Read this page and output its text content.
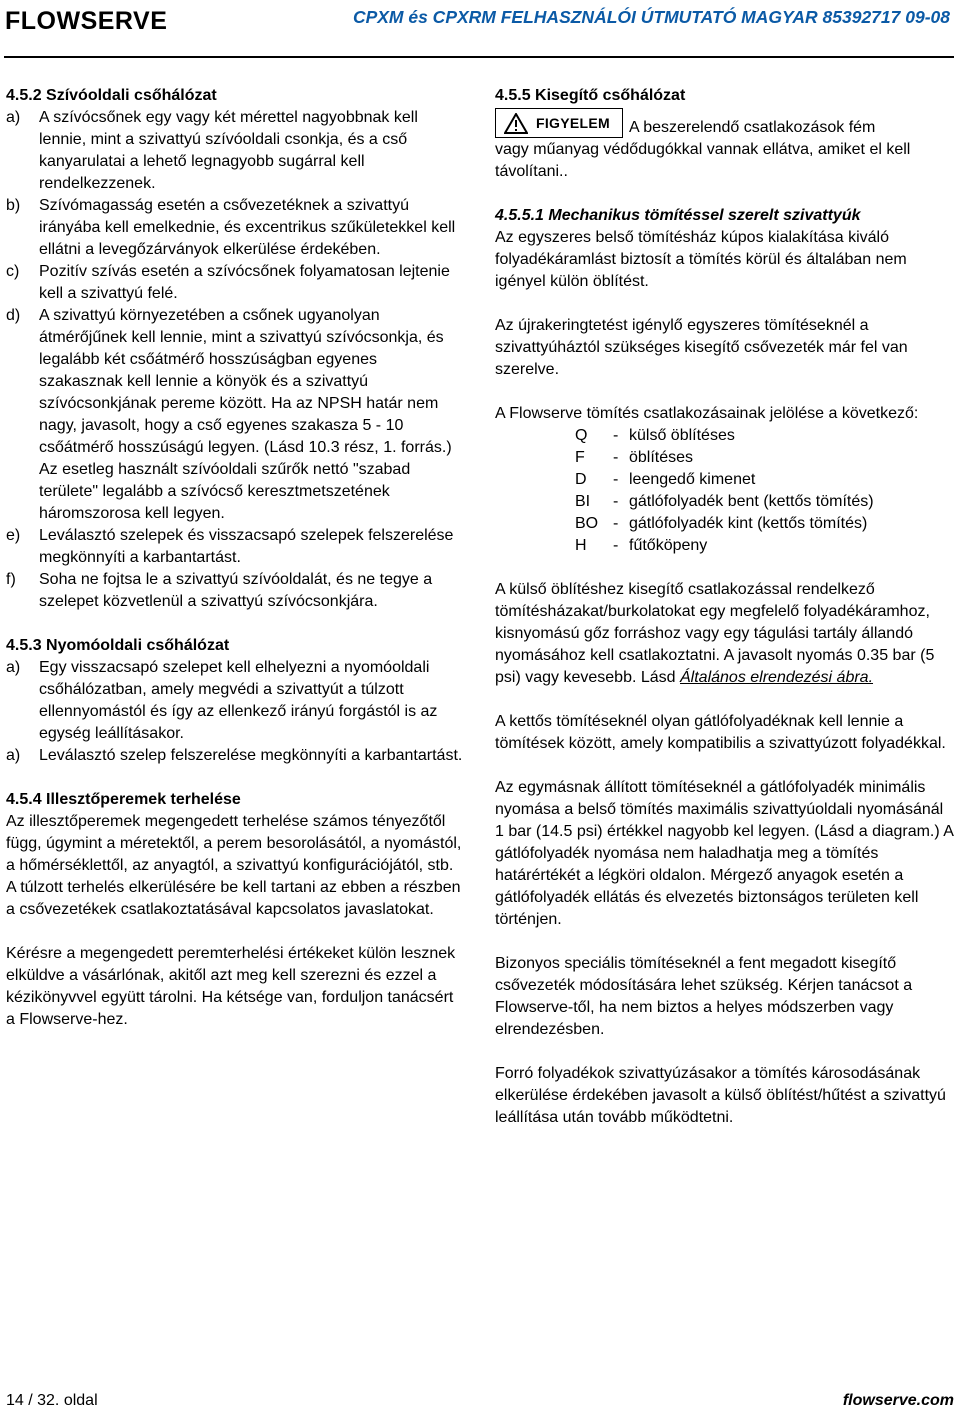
FLOWSERVE	CPXM és CPXRM FELHASZNÁLÓI ÚTMUTATÓ MAGYAR 85392717 09-08

4.5.2 Szívóoldali csőhálózat

a)	A szívócsőnek egy vagy két mérettel nagyobbnak kell lennie, mint a szivattyú szívóoldali csonkja, és a cső kanyarulatai a lehető legnagyobb sugárral kell rendelkezzenek.
b)	Szívómagasság esetén a csővezetéknek a szivattyú irányába kell emelkednie, és excentrikus szűkületekkel kell ellátni a levegőzárványok elkerülése érdekében.
c)	Pozitív szívás esetén a szívócsőnek folyamatosan lejtenie kell a szivattyú felé.
d)	A szivattyú környezetében a csőnek ugyanolyan átmérőjűnek kell lennie, mint a szivattyú szívócsonkja, és legalább két csőátmérő hosszúságban egyenes szakasznak kell lennie a könyök és a szivattyú szívócsonkjának pereme között. Ha az NPSH határ nem nagy, javasolt, hogy a cső egyenes szakasza 5 - 10 csőátmérő hosszúságú legyen. (Lásd 10.3 rész, 1. forrás.) Az esetleg használt szívóoldali szűrők nettó "szabad területe" legalább a szívócső keresztmetszetének háromszorosa kell legyen.
e)	Leválasztó szelepek és visszacsapó szelepek felszerelése megkönnyíti a karbantartást.
f)	Soha ne fojtsa le a szivattyú szívóoldalát, és ne tegye a szelepet közvetlenül a szivattyú szívócsonkjára.

4.5.3 Nyomóoldali csőhálózat

a)	Egy visszacsapó szelepet kell elhelyezni a nyomóoldali csőhálózatban, amely megvédi a szivattyút a túlzott ellennyomástól és így az ellenkező irányú forgástól is az egység leállításakor.
a)	Leválasztó szelep felszerelése megkönnyíti a karbantartást.

4.5.4 Illesztőperemek terhelése

Az illesztőperemek megengedett terhelése számos tényezőtől függ, úgymint a méretektől, a perem besorolásától, a nyomástól, a hőmérséklettől, az anyagtól, a szivattyú konfigurációjától, stb. A túlzott terhelés elkerülésére be kell tartani az ebben a részben a csővezetékek csatlakoztatásával kapcsolatos javaslatokat.

Kérésre a megengedett peremterhelési értékeket külön lesznek elküldve a vásárlónak, akitől azt meg kell szerezni és ezzel a kézikönyvvel együtt tárolni. Ha kétsége van, forduljon tanácsért a Flowserve-hez.

4.5.5 Kisegítő csőhálózat

FIGYELEM A beszerelendő csatlakozások fém

vagy műanyag védődugókkal vannak ellátva, amiket el kell távolítani..

4.5.5.1 Mechanikus tömítéssel szerelt szivattyúk

Az egyszeres belső tömítésház kúpos kialakítása kiváló folyadékáramlást biztosít a tömítés körül és általában nem igényel külön öblítést.

Az újrakeringtetést igénylő egyszeres tömítéseknél a szivattyúháztól szükséges kisegítő csővezeték már fel van szerelve.

A Flowserve tömítés csatlakozásainak jelölése a következő:

Q	- külső öblítéses
F	- öblítéses
D	- leengedő kimenet
BI	- gátlófolyadék bent (kettős tömítés)
BO - gátlófolyadék kint (kettős tömítés)
H	- fűtőköpeny

A külső öblítéshez kisegítő csatlakozással rendelkező tömítésházakat/burkolatokat egy megfelelő folyadékáramhoz, kisnyomású gőz forráshoz vagy egy tágulási tartály állandó nyomásához kell csatlakoztatni. A javasolt nyomás 0.35 bar (5 psi) vagy kevesebb. Lásd Általános elrendezési ábra.

A kettős tömítéseknél olyan gátlófolyadéknak kell lennie a tömítések között, amely kompatibilis a szivattyúzott folyadékkal.

Az egymásnak állított tömítéseknél a gátlófolyadék minimális nyomása a belső tömítés maximális szivattyúoldali nyomásánál 1 bar (14.5 psi) értékkel nagyobb kel legyen. (Lásd a diagram.) A gátlófolyadék nyomása nem haladhatja meg a tömítés határértékét a légköri oldalon. Mérgező anyagok esetén a gátlófolyadék ellátás és elvezetés biztonságos területen kell történjen.

Bizonyos speciális tömítéseknél a fent megadott kisegítő csővezeték módosítására lehet szükség. Kérjen tanácsot a Flowserve-től, ha nem biztos a helyes módszerben vagy elrendezésben.

Forró folyadékok szivattyúzásakor a tömítés károsodásának elkerülése érdekében javasolt a külső öblítést/hűtést a szivattyú leállítása után tovább működtetni.

14 / 32. oldal	flowserve.com
